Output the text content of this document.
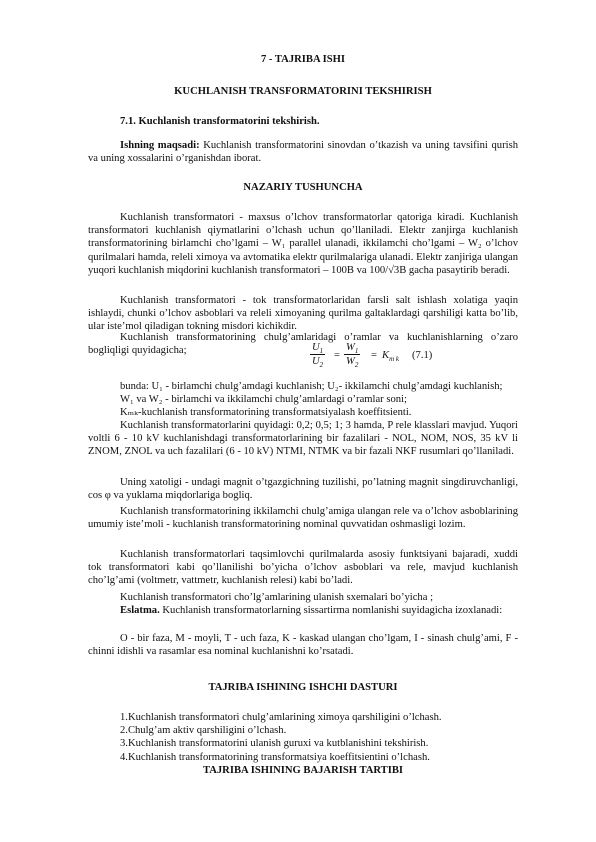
7 - TAJRIBA ISHI
KUCHLANISH TRANSFORMATORINI TEKSHIRISH
7.1. Kuchlanish transformatorini tekshirish.

Ishning maqsadi: Kuchlanish transformatorini sinovdan o’tkazish va uning tavsifini qurish va uning xossalarini o’rganishdan iborat.

NAZARIY TUSHUNCHA

Kuchlanish transformatori - maxsus o’lchov transformatorlar qatoriga kiradi. Kuchlanish transformatori kuchlanish qiymatlarini o’lchash uchun qo’llaniladi. Elektr zanjirga kuchlanish transformatorining birlamchi cho’lgami – W₁ parallel ulanadi, ikkilamchi cho’lgami – W₂ o’lchov qurilmalari hamda, releli ximoya va avtomatika elektr qurilmalariga ulanadi. Elektr zanjiriga ulangan yuqori kuchlanish miqdorini kuchlanish transformatori – 100B va 100/√3B gacha pasaytirib beradi.

Kuchlanish transformatori - tok transformatorlaridan farsli salt ishlash xolatiga yaqin ishlaydi, chunki o’lchov asboblari va releli ximoyaning qurilma galtaklardagi qarshiligi katta bo’lib, ular iste’mol qiladigan tokning misdori kichikdir.

Kuchlanish transformatorining chulg’amlaridagi o’ramlar va kuchlanishlarning o’zaro bogliqligi quyidagicha;	$\frac{U_1}{U_2} = \frac{W_1}{W_2} = K_{m k}$ (7.1)

bunda: U₁ - birlamchi chulg’amdagi kuchlanish; U₂- ikkilamchi chulg’amdagi kuchlanish;

W₁ va W₂ - birlamchi va ikkilamchi chulg’amlardagi o’ramlar soni;

Kₘₖ-kuchlanish transformatorining transformatsiyalash koeffitsienti.

Kuchlanish transformatorlarini quyidagi: 0,2; 0,5; 1; 3 hamda, P rele klasslari mavjud. Yuqori voltli 6 - 10 kV kuchlanishdagi transformatorlarining bir fazalilari - NOL, NOM, NOS, 35 kV li ZNOM, ZNOL va uch fazalilari (6 - 10 kV) NTMI, NTMK va bir fazali NKF rusumlari qo’llaniladi.

Uning xatoligi - undagi magnit o’tgazgichning tuzilishi, po’latning magnit singdiruvchanligi, cos φ va yuklama miqdorlariga bogliq.

Kuchlanish transformatorining ikkilamchi chulg’amiga ulangan rele va o’lchov asboblarining umumiy iste’moli - kuchlanish transformatorining nominal quvvatidan oshmasligi lozim.

Kuchlanish transformatorlari taqsimlovchi qurilmalarda asosiy funktsiyani bajaradi, xuddi tok transformatori kabi qo’llanilishi bo’yicha o’lchov asboblari va rele, mavjud kuchlanish cho’lg’ami (voltmetr, vattmetr, kuchlanish relesi) kabi bo’ladi.

Kuchlanish transformatori cho’lg’amlarining ulanish sxemalari bo’yicha ;

Eslatma. Kuchlanish transformatorlarning sissartirma nomlanishi suyidagicha izoxlanadi:

O - bir faza, M - moyli, T - uch faza, K - kaskad ulangan cho’lgam, I - sinash chulg’ami, F - chinni idishli va rasamlar esa nominal kuchlanishni ko’rsatadi.

TAJRIBA ISHINING ISHCHI DASTURI

1.Kuchlanish transformatori chulg’amlarining ximoya qarshiligini o’lchash.

2.Chulg’am aktiv qarshiligini o’lchash.

3.Kuchlanish transformatorini ulanish guruxi va kutblanishini tekshirish.

4.Kuchlanish transformatorining transformatsiya koeffitsientini o’lchash.

TAJRIBA ISHINING BAJARISH TARTIBI
